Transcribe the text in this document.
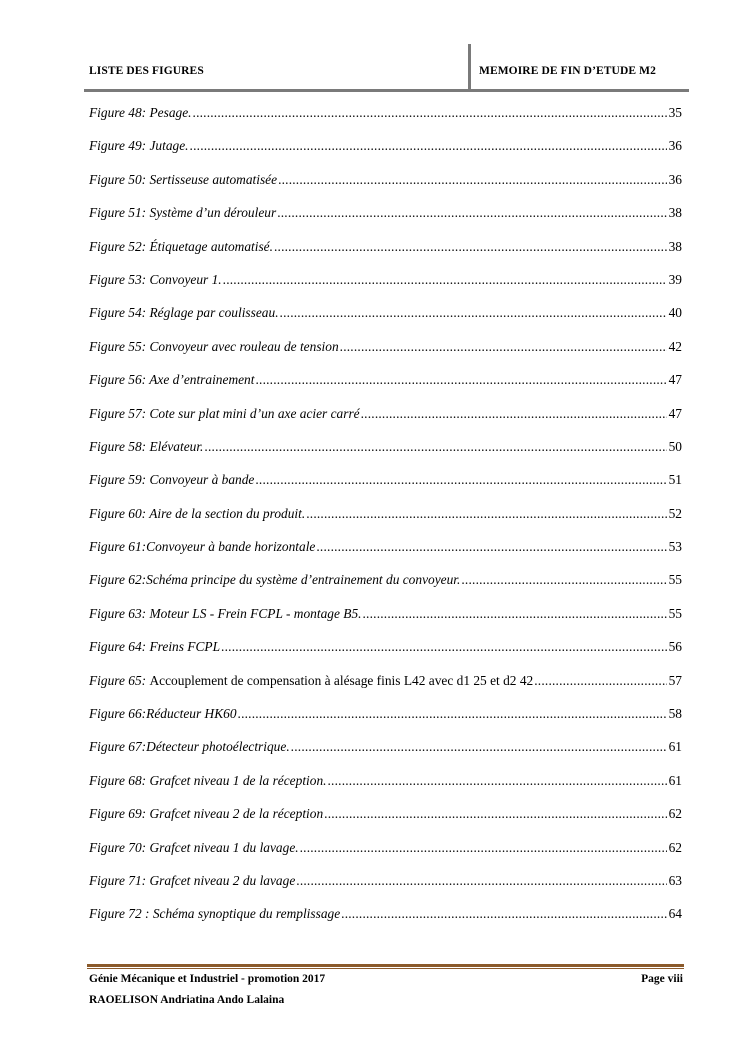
LISTE DES FIGURES	MEMOIRE DE FIN D’ETUDE M2
Figure 48: Pesage. .....	35
Figure 49: Jutage. .....	36
Figure 50: Sertisseuse automatisée .....	36
Figure 51: Système d’un dérouleur .....	38
Figure 52: Étiquetage automatisé. .....	38
Figure 53: Convoyeur 1. .....	39
Figure 54: Réglage par coulisseau. .....	40
Figure 55: Convoyeur avec rouleau de tension .....	42
Figure 56: Axe d’entrainement .....	47
Figure 57: Cote sur plat mini d’un axe acier carré .....	47
Figure 58: Elévateur. .....	50
Figure 59: Convoyeur à bande .....	51
Figure 60: Aire de la section du produit. .....	52
Figure 61:Convoyeur à bande horizontale .....	53
Figure 62:Schéma principe du système d’entrainement du convoyeur. .....	55
Figure 63: Moteur LS - Frein FCPL - montage B5. .....	55
Figure 64: Freins FCPL .....	56
Figure 65: Accouplement de compensation à alésage finis L42 avec d1 25 et d2 42 .....	57
Figure 66:Réducteur HK60 .....	58
Figure 67:Détecteur photoélectrique. .....	61
Figure 68: Grafcet niveau 1 de la réception. .....	61
Figure 69: Grafcet niveau 2 de la réception .....	62
Figure 70: Grafcet niveau 1 du lavage. .....	62
Figure 71: Grafcet niveau 2 du lavage .....	63
Figure 72 : Schéma synoptique du remplissage .....	64
Génie Mécanique et Industriel - promotion 2017	Page viii
RAOELISON Andriatina Ando Lalaina
